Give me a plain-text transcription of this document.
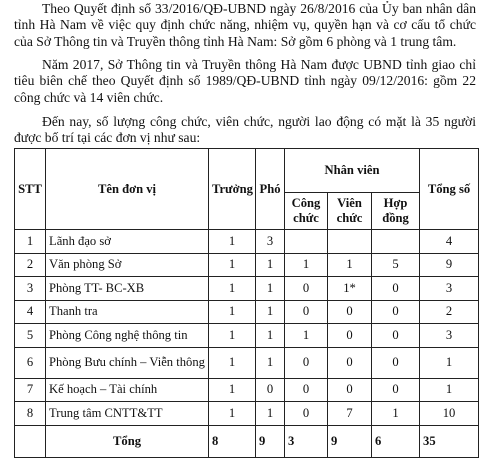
Theo Quyết định số 33/2016/QĐ-UBND ngày 26/8/2016 của Ủy ban nhân dân tỉnh Hà Nam về việc quy định chức năng, nhiệm vụ, quyền hạn và cơ cấu tổ chức của Sở Thông tin và Truyền thông tỉnh Hà Nam: Sở gồm 6 phòng và 1 trung tâm.

Năm 2017, Sở Thông tin và Truyền thông Hà Nam được UBND tỉnh giao chỉ tiêu biên chế theo Quyết định số 1989/QĐ-UBND tỉnh ngày 09/12/2016: gồm 22 công chức và 14 viên chức.

Đến nay, số lượng công chức, viên chức, người lao động có mặt là 35 người được bố trí tại các đơn vị như sau:

STT	Tên đơn vị	Trưởng	Phó	Nhân viên			Tổng số
				Công chức	Viên chức	Hợp đồng	
1	Lãnh đạo sở	1	3				4
2	Văn phòng Sở	1	1	1	1	5	9
3	Phòng TT- BC-XB	1	1	0	1*	0	3
4	Thanh tra	1	1	0	0	0	2
5	Phòng Công nghệ thông tin	1	1	1	0	0	3
6	Phòng Bưu chính – Viễn thông	1	1	0	0	0	1
7	Kế hoạch – Tài chính	1	0	0	0	0	1
8	Trung tâm CNTT&TT	1	1	0	7	1	10
	Tổng	8	9	3	9	6	35
